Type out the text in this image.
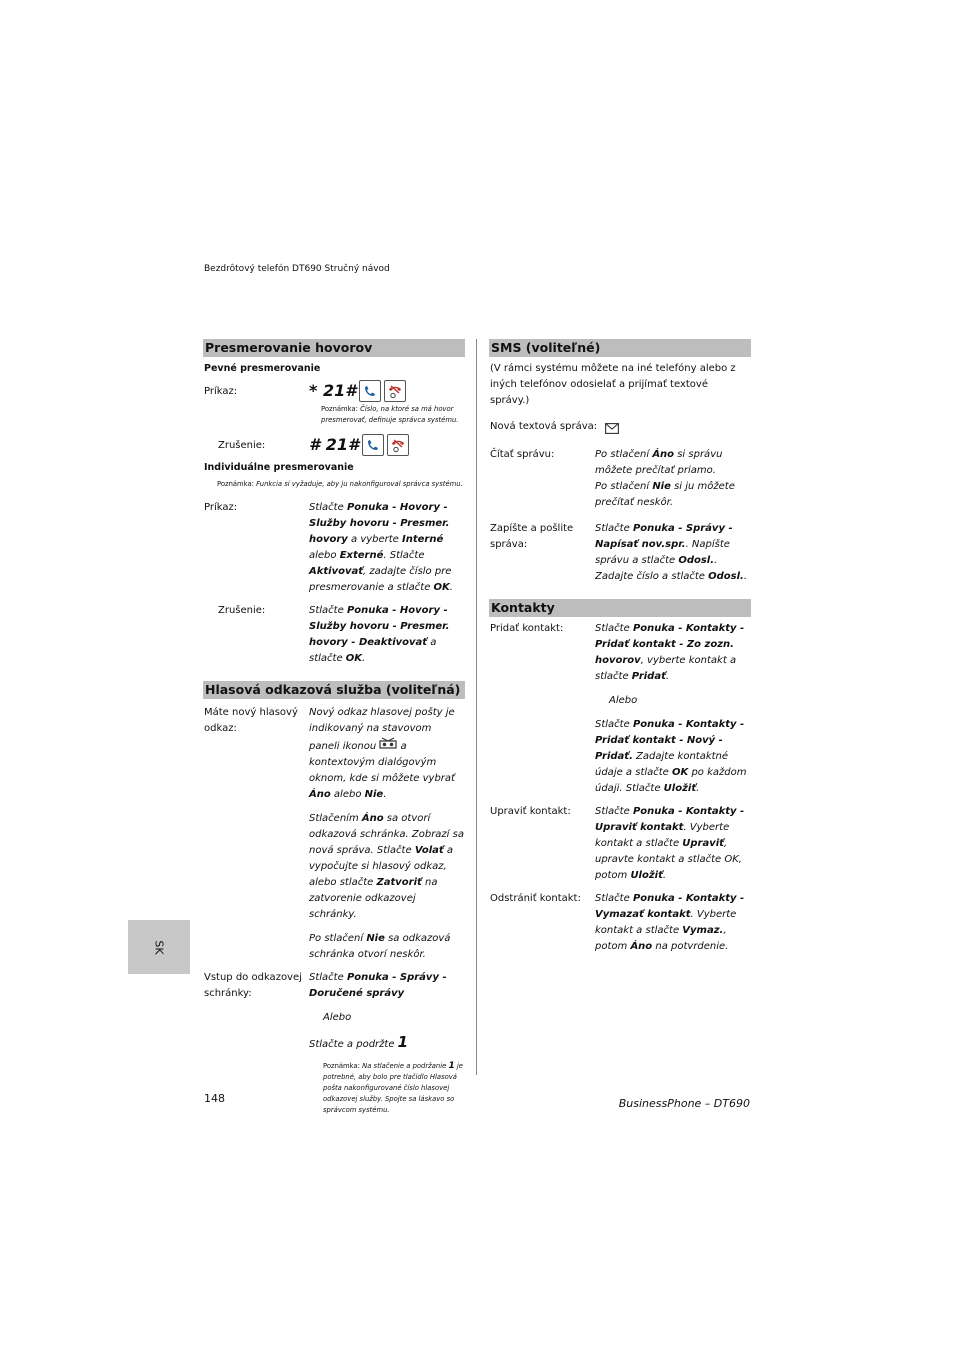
Bezdrôtový telefón DT690 Stručný návod
Presmerovanie hovorov
Pevné presmerovanie
Príkaz:	* 21#
Poznámka: Číslo, na ktoré sa má hovor presmerovať, definuje správca systému.
Zrušenie:	# 21#
Individuálne presmerovanie
Poznámka: Funkcia si vyžaduje, aby ju nakonfiguroval správca systému.
Príkaz:	Stlačte Ponuka - Hovory - Služby hovoru - Presmer. hovory a vyberte Interné alebo Externé. Stlačte Aktivovať, zadajte číslo pre presmerovanie a stlačte OK.
Zrušenie:	Stlačte Ponuka - Hovory - Služby hovoru - Presmer. hovory - Deaktivovať a stlačte OK.
Hlasová odkazová služba (voliteľná)
Máte nový hlasový odkaz:
Nový odkaz hlasovej pošty je indikovaný na stavovom paneli ikonou  a kontextovým dialógovým oknom, kde si môžete vybrať Áno alebo Nie.
Stlačením Áno sa otvorí odkazová schránka. Zobrazí sa nová správa. Stlačte Volať a vypočujte si hlasový odkaz, alebo stlačte Zatvoriť na zatvorenie odkazovej schránky.
Po stlačení Nie sa odkazová schránka otvorí neskôr.
Vstup do odkazovej schránky:
Stlačte Ponuka - Správy - Doručené správy
Alebo
Stlačte a podržte 1
Poznámka: Na stlačenie a podržanie 1 je potrebné, aby bolo pre tlačidlo Hlasová pošta nakonfigurované číslo hlasovej odkazovej služby. Spojte sa láskavo so správcom systému.
SMS (voliteľné)
(V rámci systému môžete na iné telefóny alebo z iných telefónov odosielať a prijímať textové správy.)
Nová textová správa:
Čítať správu:	Po stlačení Áno si správu môžete prečítať priamo.
Po stlačení Nie si ju môžete prečítať neskôr.
Zapíšte a pošlite správa:
Stlačte Ponuka - Správy - Napísať nov.spr.. Napíšte správu a stlačte Odosl.. Zadajte číslo a stlačte Odosl..
Kontakty
Pridať kontakt:	Stlačte Ponuka - Kontakty - Pridať kontakt - Zo zozn. hovorov, vyberte kontakt a stlačte Pridať.
Alebo
Stlačte Ponuka - Kontakty - Pridať kontakt - Nový - Pridať. Zadajte kontaktné údaje a stlačte OK po každom údaji. Stlačte Uložiť.
Upraviť kontakt:	Stlačte Ponuka - Kontakty - Upraviť kontakt. Vyberte kontakt a stlačte Upraviť, upravte kontakt a stlačte OK, potom Uložiť.
Odstrániť kontakt:	Stlačte Ponuka - Kontakty - Vymazať kontakt. Vyberte kontakt a stlačte Vymaz., potom Áno na potvrdenie.
SK
148	BusinessPhone – DT690
